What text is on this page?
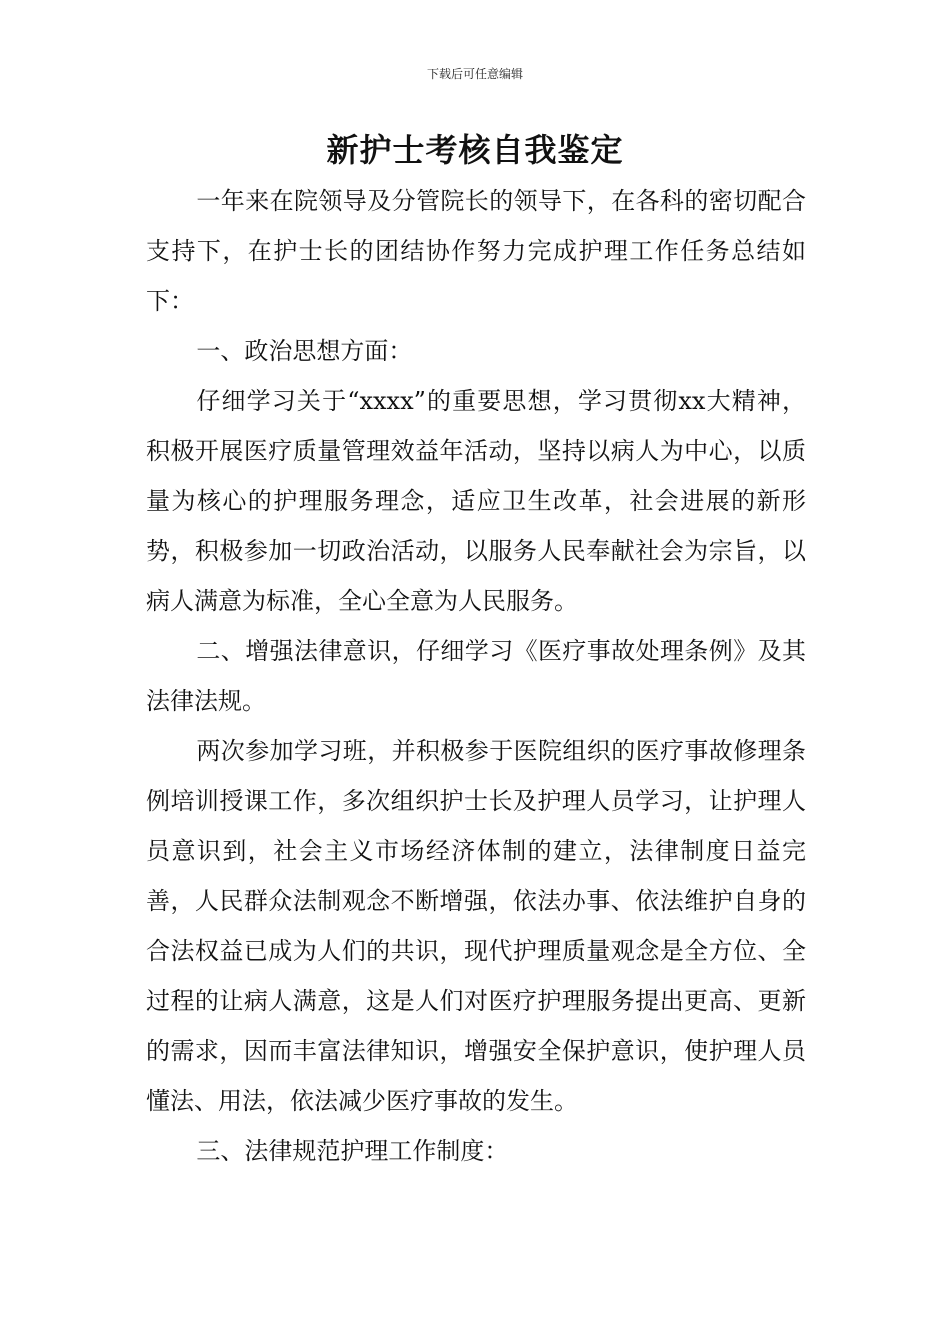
下载后可任意编辑
新护士考核自我鉴定

一年来在院领导及分管院长的领导下，在各科的密切配合支持下，在护士长的团结协作努力完成护理工作任务总结如下：

一、政治思想方面：

仔细学习关于“xxxx”的重要思想，学习贯彻xx大精神，积极开展医疗质量管理效益年活动，坚持以病人为中心，以质量为核心的护理服务理念，适应卫生改革，社会进展的新形势，积极参加一切政治活动，以服务人民奉献社会为宗旨，以病人满意为标准，全心全意为人民服务。

二、增强法律意识，仔细学习《医疗事故处理条例》及其法律法规。

两次参加学习班，并积极参于医院组织的医疗事故修理条例培训授课工作，多次组织护士长及护理人员学习，让护理人员意识到，社会主义市场经济体制的建立，法律制度日益完善，人民群众法制观念不断增强，依法办事、依法维护自身的合法权益已成为人们的共识，现代护理质量观念是全方位、全过程的让病人满意，这是人们对医疗护理服务提出更高、更新的需求，因而丰富法律知识，增强安全保护意识，使护理人员懂法、用法，依法减少医疗事故的发生。

三、法律规范护理工作制度：
